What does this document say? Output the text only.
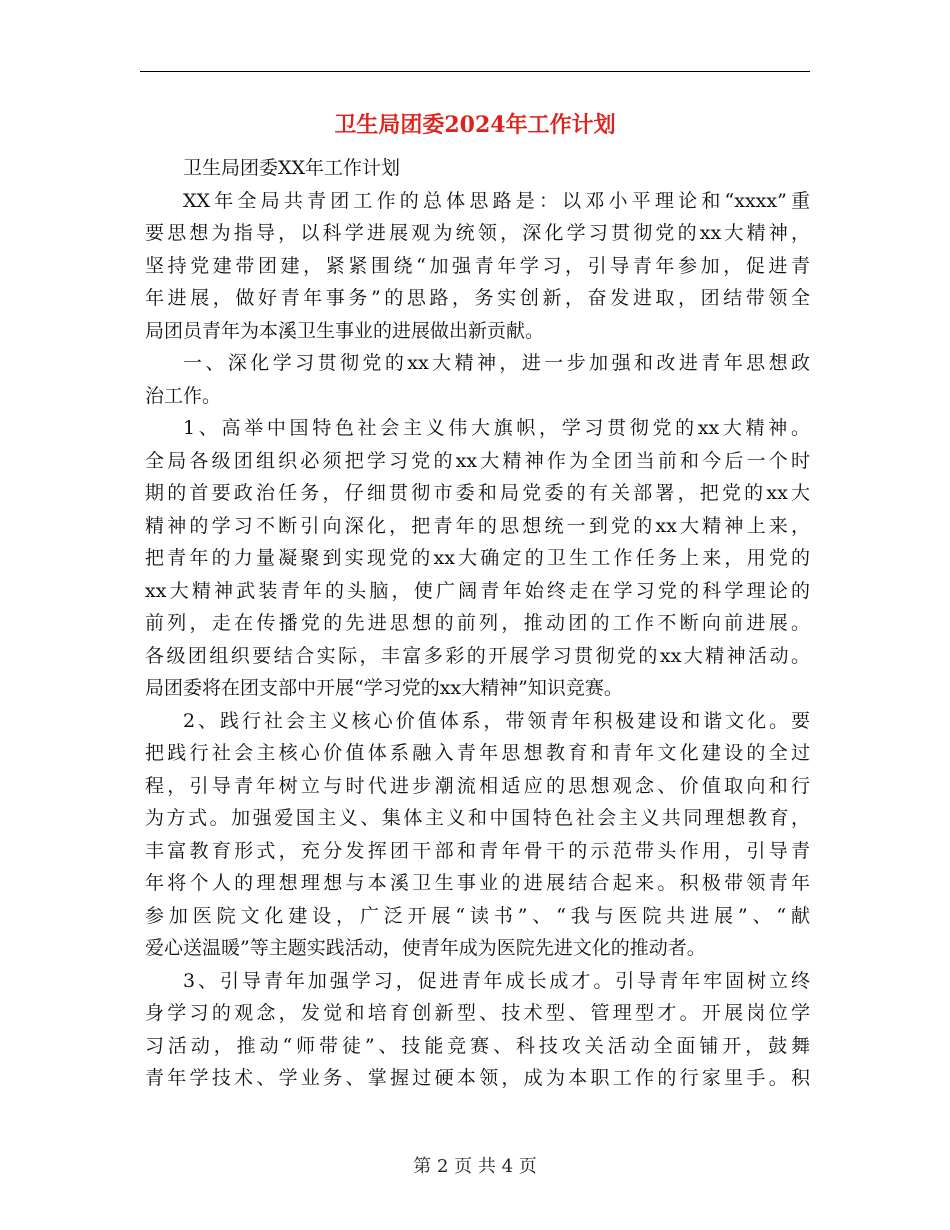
卫生局团委2024年工作计划
卫生局团委XX年工作计划
XX年全局共青团工作的总体思路是：以邓小平理论和“xxxx”重
要思想为指导，以科学进展观为统领，深化学习贯彻党的xx大精神，
坚持党建带团建，紧紧围绕“加强青年学习，引导青年参加，促进青
年进展，做好青年事务”的思路，务实创新，奋发进取，团结带领全
局团员青年为本溪卫生事业的进展做出新贡献。
一、深化学习贯彻党的xx大精神，进一步加强和改进青年思想政
治工作。
1、高举中国特色社会主义伟大旗帜，学习贯彻党的xx大精神。
全局各级团组织必须把学习党的xx大精神作为全团当前和今后一个时
期的首要政治任务，仔细贯彻市委和局党委的有关部署，把党的xx大
精神的学习不断引向深化，把青年的思想统一到党的xx大精神上来，
把青年的力量凝聚到实现党的xx大确定的卫生工作任务上来，用党的
xx大精神武装青年的头脑，使广阔青年始终走在学习党的科学理论的
前列，走在传播党的先进思想的前列，推动团的工作不断向前进展。
各级团组织要结合实际，丰富多彩的开展学习贯彻党的xx大精神活动。
局团委将在团支部中开展“学习党的xx大精神”知识竞赛。
2、践行社会主义核心价值体系，带领青年积极建设和谐文化。要
把践行社会主核心价值体系融入青年思想教育和青年文化建设的全过
程，引导青年树立与时代进步潮流相适应的思想观念、价值取向和行
为方式。加强爱国主义、集体主义和中国特色社会主义共同理想教育，
丰富教育形式，充分发挥团干部和青年骨干的示范带头作用，引导青
年将个人的理想理想与本溪卫生事业的进展结合起来。积极带领青年
参加医院文化建设，广泛开展“读书”、“我与医院共进展”、“献
爱心送温暖”等主题实践活动，使青年成为医院先进文化的推动者。
3、引导青年加强学习，促进青年成长成才。引导青年牢固树立终
身学习的观念，发觉和培育创新型、技术型、管理型才。开展岗位学
习活动，推动“师带徒”、技能竞赛、科技攻关活动全面铺开，鼓舞
青年学技术、学业务、掌握过硬本领，成为本职工作的行家里手。积
第 2 页 共 4 页
